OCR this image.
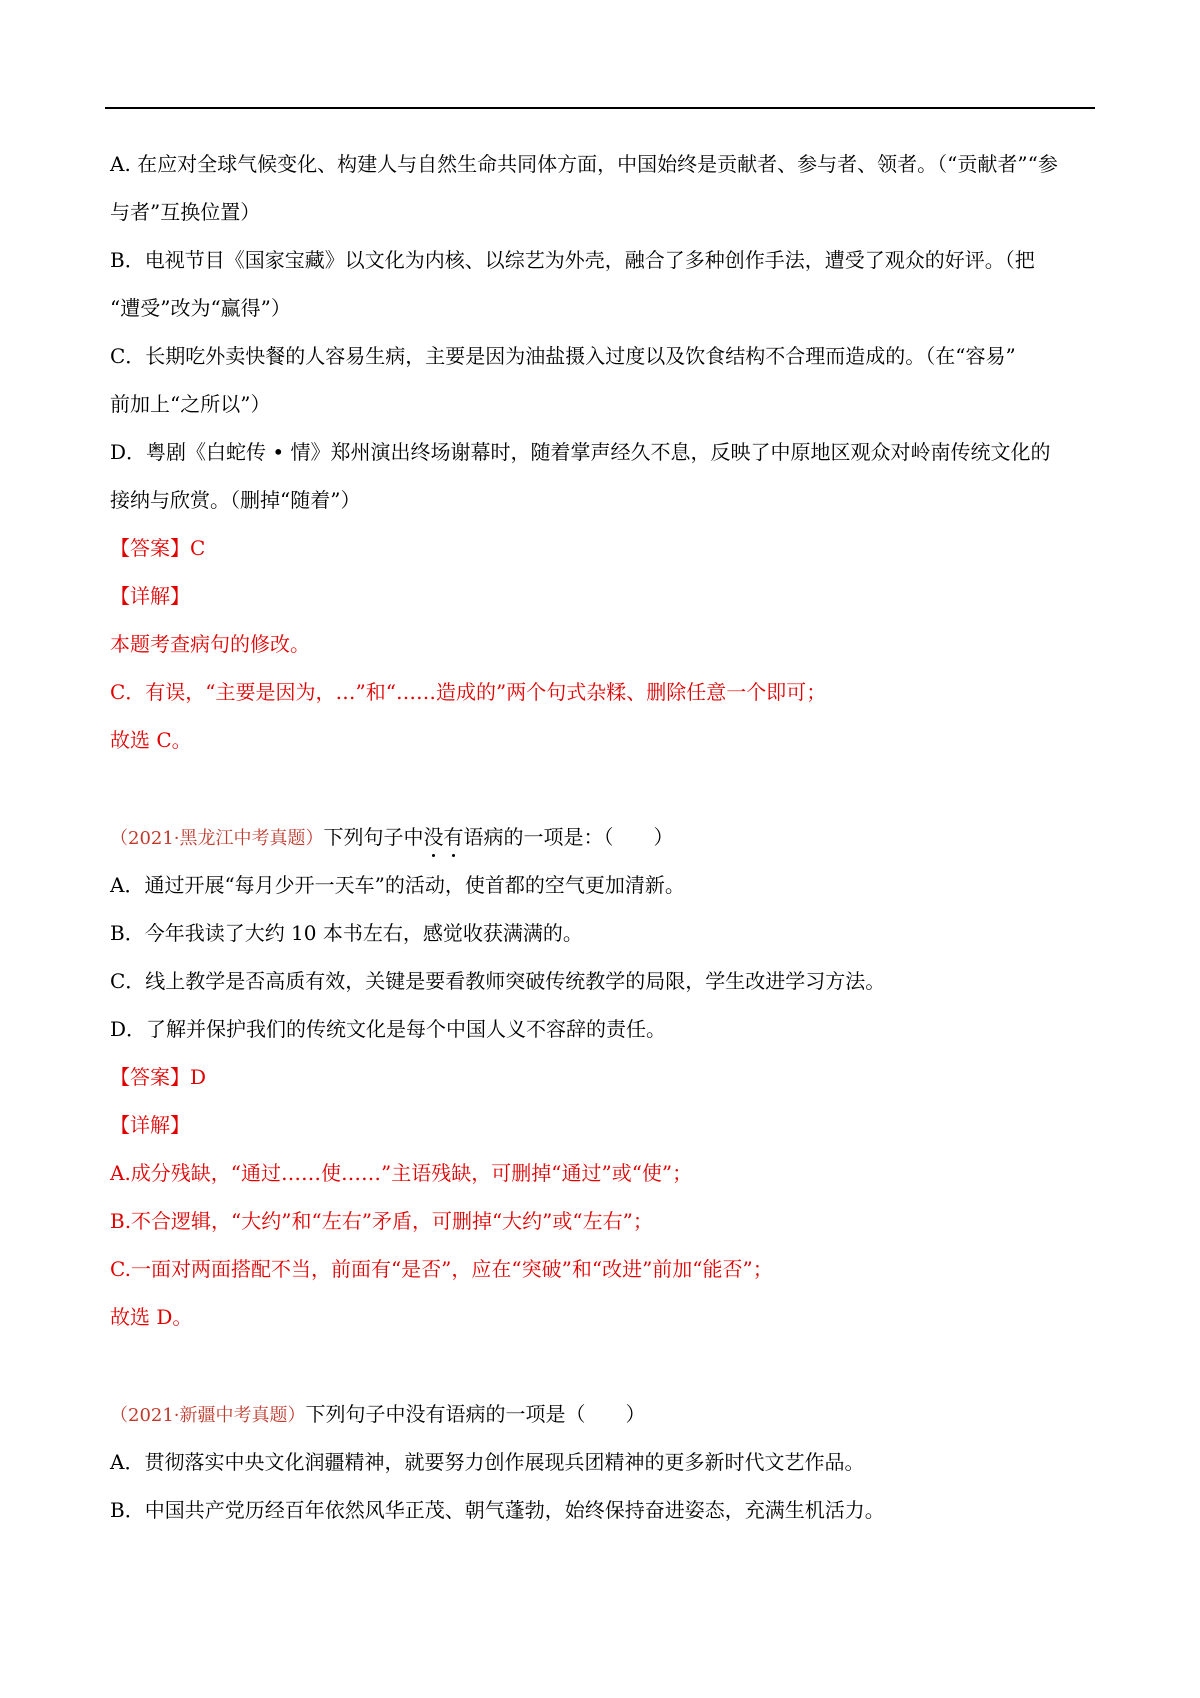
A. 在应对全球气候变化、构建人与自然生命共同体方面，中国始终是贡献者、参与者、领者。（“贡献者”“参
与者”互换位置）
B．电视节目《国家宝藏》以文化为内核、以综艺为外壳，融合了多种创作手法，遭受了观众的好评。（把
“遭受”改为“赢得”）
C．长期吃外卖快餐的人容易生病，主要是因为油盐摄入过度以及饮食结构不合理而造成的。（在“容易”
前加上“之所以”）
D．粤剧《白蛇传 • 情》郑州演出终场谢幕时，随着掌声经久不息，反映了中原地区观众对岭南传统文化的
接纳与欣赏。（删掉“随着”）
【答案】C
【详解】
本题考查病句的修改。
C．有误，“主要是因为，…”和“……造成的”两个句式杂糅、删除任意一个即可；
故选 C。
（2021·黑龙江中考真题）下列句子中没有语病的一项是：（　　）
A．通过开展“每月少开一天车”的活动，使首都的空气更加清新。
B．今年我读了大约 10 本书左右，感觉收获满满的。
C．线上教学是否高质有效，关键是要看教师突破传统教学的局限，学生改进学习方法。
D．了解并保护我们的传统文化是每个中国人义不容辞的责任。
【答案】D
【详解】
A.成分残缺，“通过……使……”主语残缺，可删掉“通过”或“使”；
B.不合逻辑，“大约”和“左右”矛盾，可删掉“大约”或“左右”；
C.一面对两面搭配不当，前面有“是否”，应在“突破”和“改进”前加“能否”；
故选 D。
（2021·新疆中考真题）下列句子中没有语病的一项是（　　）
A．贯彻落实中央文化润疆精神，就要努力创作展现兵团精神的更多新时代文艺作品。
B．中国共产党历经百年依然风华正茂、朝气蓬勃，始终保持奋进姿态，充满生机活力。
